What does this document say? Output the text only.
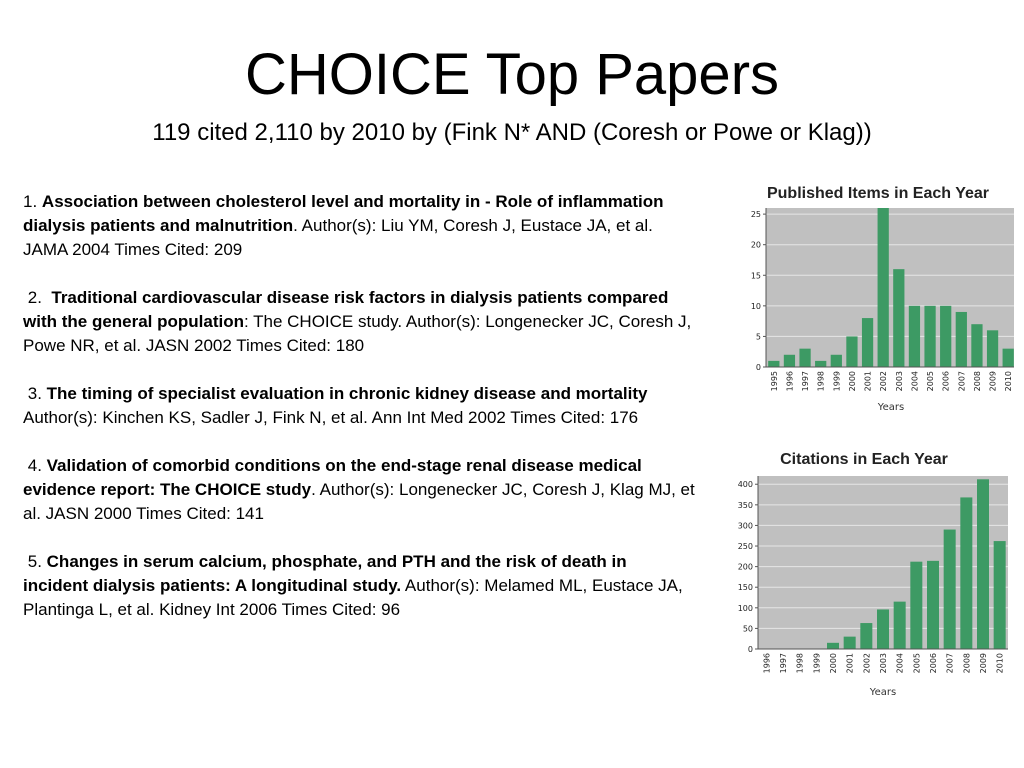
CHOICE Top Papers
119 cited 2,110 by 2010 by (Fink N* AND (Coresh or Powe or Klag))
1. Association between cholesterol level and mortality in - Role of inflammation dialysis patients and malnutrition. Author(s): Liu YM, Coresh J, Eustace JA, et al. JAMA 2004 Times Cited: 209
2. Traditional cardiovascular disease risk factors in dialysis patients compared with the general population: The CHOICE study. Author(s): Longenecker JC, Coresh J, Powe NR, et al. JASN 2002 Times Cited: 180
3. The timing of specialist evaluation in chronic kidney disease and mortality Author(s): Kinchen KS, Sadler J, Fink N, et al. Ann Int Med 2002 Times Cited: 176
4. Validation of comorbid conditions on the end-stage renal disease medical evidence report: The CHOICE study. Author(s): Longenecker JC, Coresh J, Klag MJ, et al. JASN 2000 Times Cited: 141
5. Changes in serum calcium, phosphate, and PTH and the risk of death in incident dialysis patients: A longitudinal study. Author(s): Melamed ML, Eustace JA, Plantinga L, et al. Kidney Int 2006 Times Cited: 96
Published Items in Each Year
0
5
10
15
20
25
1995 1996 1997 1998 1999 2000 2001 2002 2003 2004 2005 2006 2007 2008 2009 2010
Years
Citations in Each Year
0
50
100
150
200
250
300
350
400
1996 1997 1998 1999 2000 2001 2002 2003 2004 2005 2006 2007 2008 2009 2010
Years
